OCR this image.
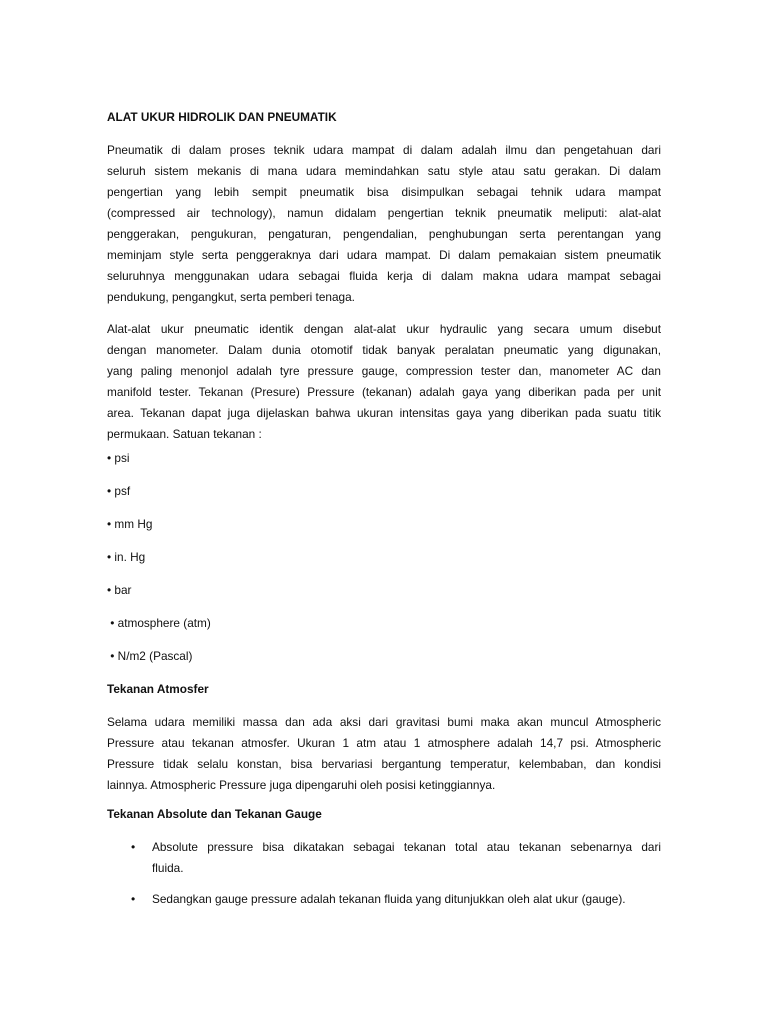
ALAT UKUR HIDROLIK DAN PNEUMATIK
Pneumatik di dalam proses teknik udara mampat di dalam adalah ilmu dan pengetahuan dari
seluruh sistem mekanis di mana udara memindahkan satu style atau satu gerakan. Di dalam
pengertian yang lebih sempit pneumatik bisa disimpulkan sebagai tehnik udara mampat
(compressed air technology), namun didalam pengertian teknik pneumatik meliputi: alat-alat
penggerakan, pengukuran, pengaturan, pengendalian, penghubungan serta perentangan yang
meminjam style serta penggeraknya dari udara mampat. Di dalam pemakaian sistem pneumatik
seluruhnya menggunakan udara sebagai fluida kerja di dalam makna udara mampat sebagai
pendukung, pengangkut, serta pemberi tenaga.
Alat-alat ukur pneumatic identik dengan alat-alat ukur hydraulic yang secara umum disebut
dengan manometer. Dalam dunia otomotif tidak banyak peralatan pneumatic yang digunakan,
yang paling menonjol adalah tyre pressure gauge, compression tester dan, manometer AC dan
manifold tester. Tekanan (Presure) Pressure (tekanan) adalah gaya yang diberikan pada per unit
area. Tekanan dapat juga dijelaskan bahwa ukuran intensitas gaya yang diberikan pada suatu titik
permukaan. Satuan tekanan :
• psi
• psf
• mm Hg
• in. Hg
• bar
• atmosphere (atm)
• N/m2 (Pascal)
Tekanan Atmosfer
Selama udara memiliki massa dan ada aksi dari gravitasi bumi maka akan muncul Atmospheric
Pressure atau tekanan atmosfer. Ukuran 1 atm atau 1 atmosphere adalah 14,7 psi. Atmospheric
Pressure tidak selalu konstan, bisa bervariasi bergantung temperatur, kelembaban, dan kondisi
lainnya. Atmospheric Pressure juga dipengaruhi oleh posisi ketinggiannya.
Tekanan Absolute dan Tekanan Gauge
• Absolute pressure bisa dikatakan sebagai tekanan total atau tekanan sebenarnya dari
fluida.
• Sedangkan gauge pressure adalah tekanan fluida yang ditunjukkan oleh alat ukur (gauge).
